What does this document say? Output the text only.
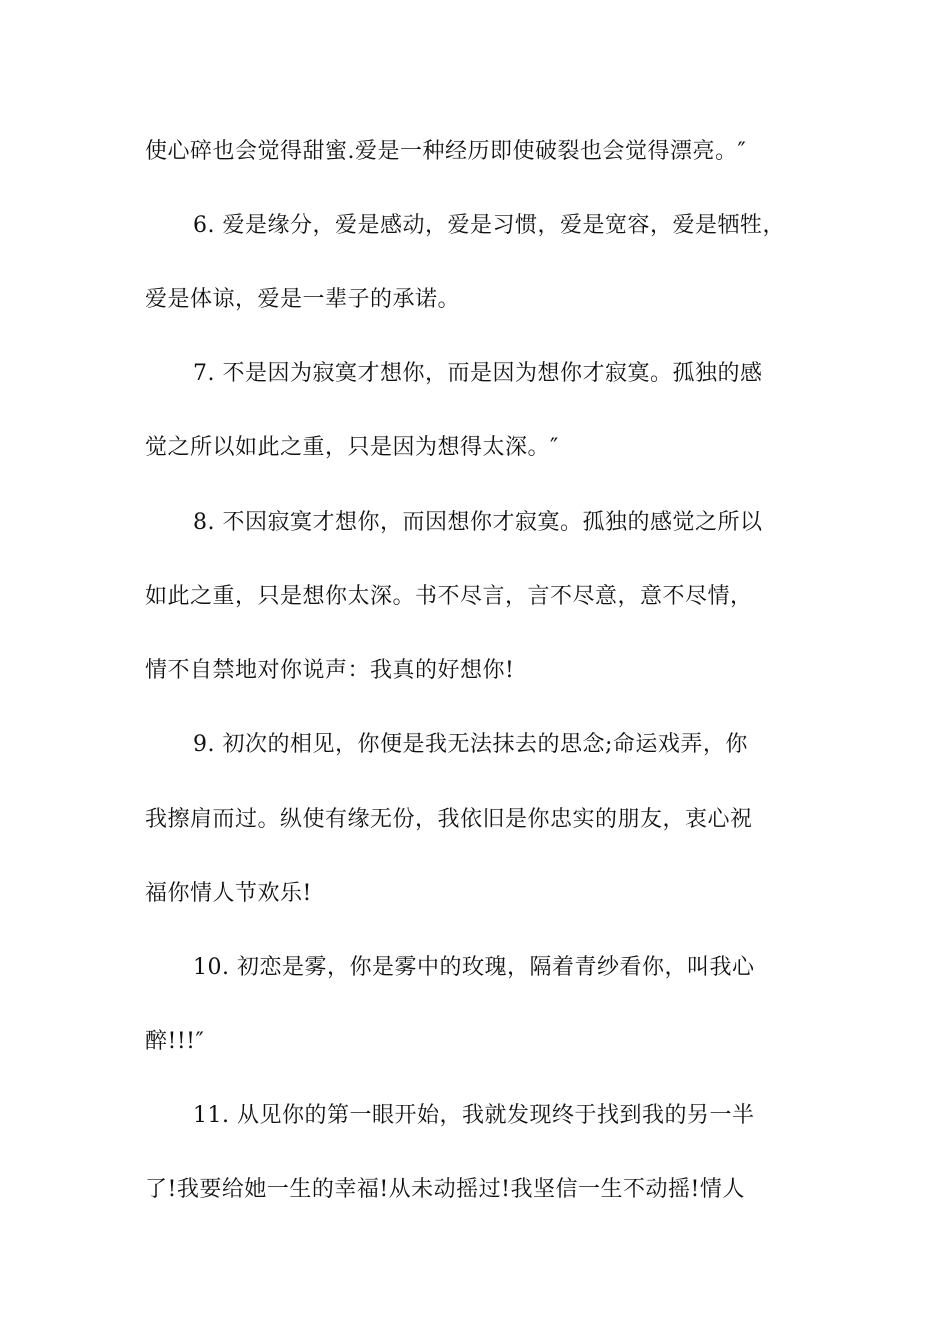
使心碎也会觉得甜蜜.爱是一种经历即使破裂也会觉得漂亮。″
6. 爱是缘分，爱是感动，爱是习惯，爱是宽容，爱是牺牲，
爱是体谅，爱是一辈子的承诺。
7. 不是因为寂寞才想你，而是因为想你才寂寞。孤独的感
觉之所以如此之重，只是因为想得太深。″
8. 不因寂寞才想你，而因想你才寂寞。孤独的感觉之所以
如此之重，只是想你太深。书不尽言，言不尽意，意不尽情，
情不自禁地对你说声：我真的好想你!
9. 初次的相见，你便是我无法抹去的思念;命运戏弄，你
我擦肩而过。纵使有缘无份，我依旧是你忠实的朋友，衷心祝
福你情人节欢乐!
10. 初恋是雾，你是雾中的玫瑰，隔着青纱看你，叫我心
醉!!!″
11. 从见你的第一眼开始，我就发现终于找到我的另一半
了!我要给她一生的幸福!从未动摇过!我坚信一生不动摇!情人
